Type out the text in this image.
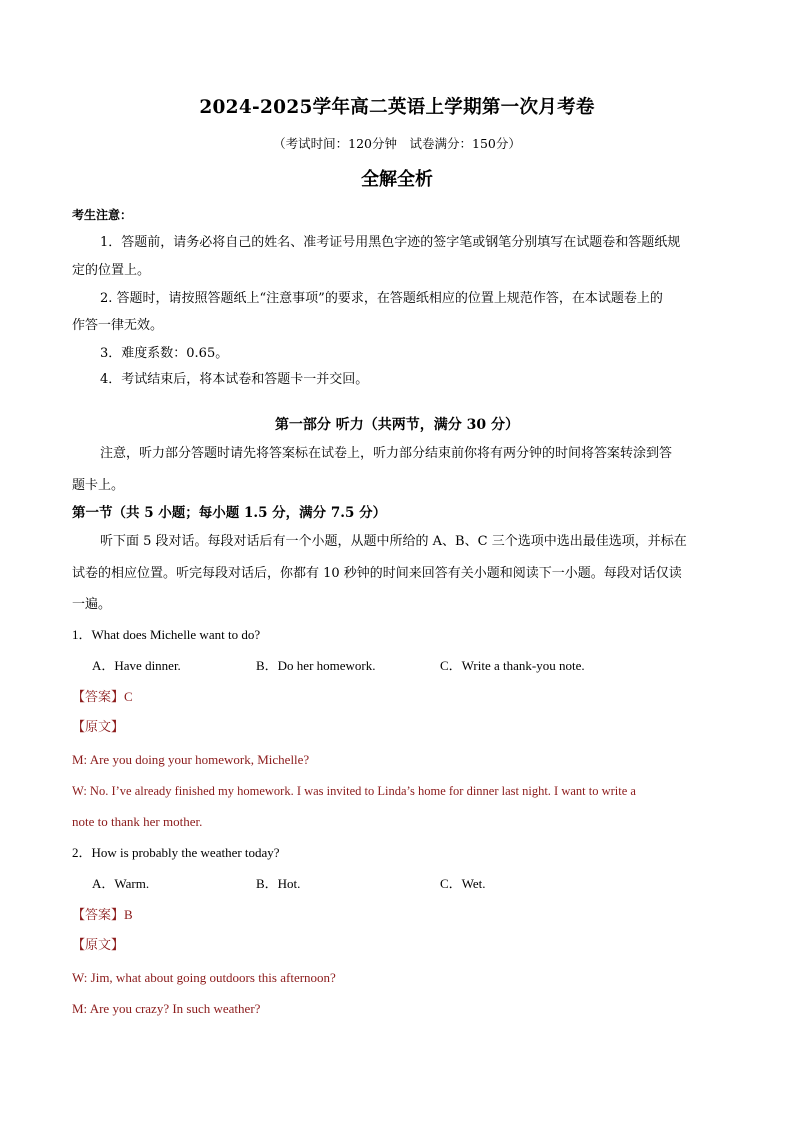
2024-2025学年高二英语上学期第一次月考卷
（考试时间：120分钟　试卷满分：150分）
全解全析
考生注意：
1．答题前，请务必将自己的姓名、准考证号用黑色字迹的签字笔或钢笔分别填写在试题卷和答题纸规
定的位置上。
2. 答题时，请按照答题纸上“注意事项”的要求，在答题纸相应的位置上规范作答，在本试题卷上的
作答一律无效。
3．难度系数：0.65。
4．考试结束后，将本试卷和答题卡一并交回。
第一部分 听力（共两节，满分 30 分）
注意，听力部分答题时请先将答案标在试卷上，听力部分结束前你将有两分钟的时间将答案转涂到答
题卡上。
第一节（共 5 小题；每小题 1.5 分，满分 7.5 分）
听下面 5 段对话。每段对话后有一个小题，从题中所给的 A、B、C 三个选项中选出最佳选项，并标在
试卷的相应位置。听完每段对话后，你都有 10 秒钟的时间来回答有关小题和阅读下一小题。每段对话仅读
一遍。
1．What does Michelle want to do?
A．Have dinner.	B．Do her homework.	C．Write a thank-you note.
【答案】C
【原文】
M: Are you doing your homework, Michelle?
W: No. I’ve already finished my homework. I was invited to Linda’s home for dinner last night. I want to write a
note to thank her mother.
2．How is probably the weather today?
A．Warm.	B．Hot.	C．Wet.
【答案】B
【原文】
W: Jim, what about going outdoors this afternoon?
M: Are you crazy? In such weather?
